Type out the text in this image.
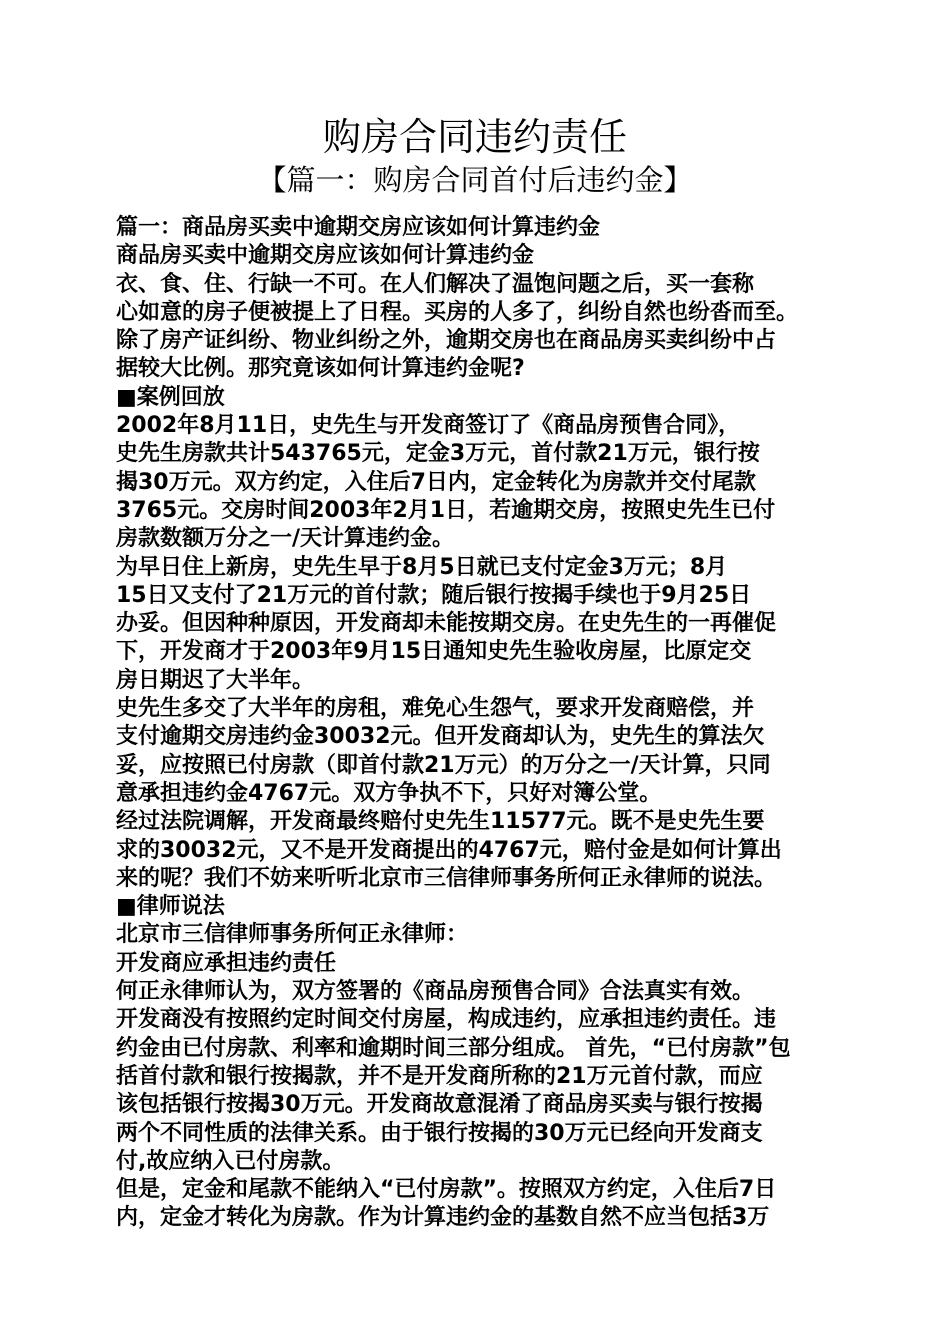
购房合同违约责任
【篇一：购房合同首付后违约金】
篇一：商品房买卖中逾期交房应该如何计算违约金
商品房买卖中逾期交房应该如何计算违约金
衣、食、住、行缺一不可。在人们解决了温饱问题之后，买一套称
心如意的房子便被提上了日程。买房的人多了，纠纷自然也纷沓而至。
除了房产证纠纷、物业纠纷之外，逾期交房也在商品房买卖纠纷中占
据较大比例。那究竟该如何计算违约金呢?
■案例回放
2002年8月11日，史先生与开发商签订了《商品房预售合同》，
史先生房款共计543765元，定金3万元，首付款21万元，银行按
揭30万元。双方约定，入住后7日内，定金转化为房款并交付尾款
3765元。交房时间2003年2月1日，若逾期交房，按照史先生已付
房款数额万分之一/天计算违约金。
为早日住上新房，史先生早于8月5日就已支付定金3万元；8月
15日又支付了21万元的首付款；随后银行按揭手续也于9月25日
办妥。但因种种原因，开发商却未能按期交房。在史先生的一再催促
下，开发商才于2003年9月15日通知史先生验收房屋，比原定交
房日期迟了大半年。
史先生多交了大半年的房租，难免心生怨气，要求开发商赔偿，并
支付逾期交房违约金30032元。但开发商却认为，史先生的算法欠
妥，应按照已付房款（即首付款21万元）的万分之一/天计算，只同
意承担违约金4767元。双方争执不下，只好对簿公堂。
经过法院调解，开发商最终赔付史先生11577元。既不是史先生要
求的30032元，又不是开发商提出的4767元，赔付金是如何计算出
来的呢？我们不妨来听听北京市三信律师事务所何正永律师的说法。
■律师说法
北京市三信律师事务所何正永律师：
开发商应承担违约责任
何正永律师认为，双方签署的《商品房预售合同》合法真实有效。
开发商没有按照约定时间交付房屋，构成违约，应承担违约责任。违
约金由已付房款、利率和逾期时间三部分组成。 首先，“已付房款”包
括首付款和银行按揭款，并不是开发商所称的21万元首付款，而应
该包括银行按揭30万元。开发商故意混淆了商品房买卖与银行按揭
两个不同性质的法律关系。由于银行按揭的30万元已经向开发商支
付,故应纳入已付房款。
但是，定金和尾款不能纳入“已付房款”。按照双方约定，入住后7日
内，定金才转化为房款。作为计算违约金的基数自然不应当包括3万
